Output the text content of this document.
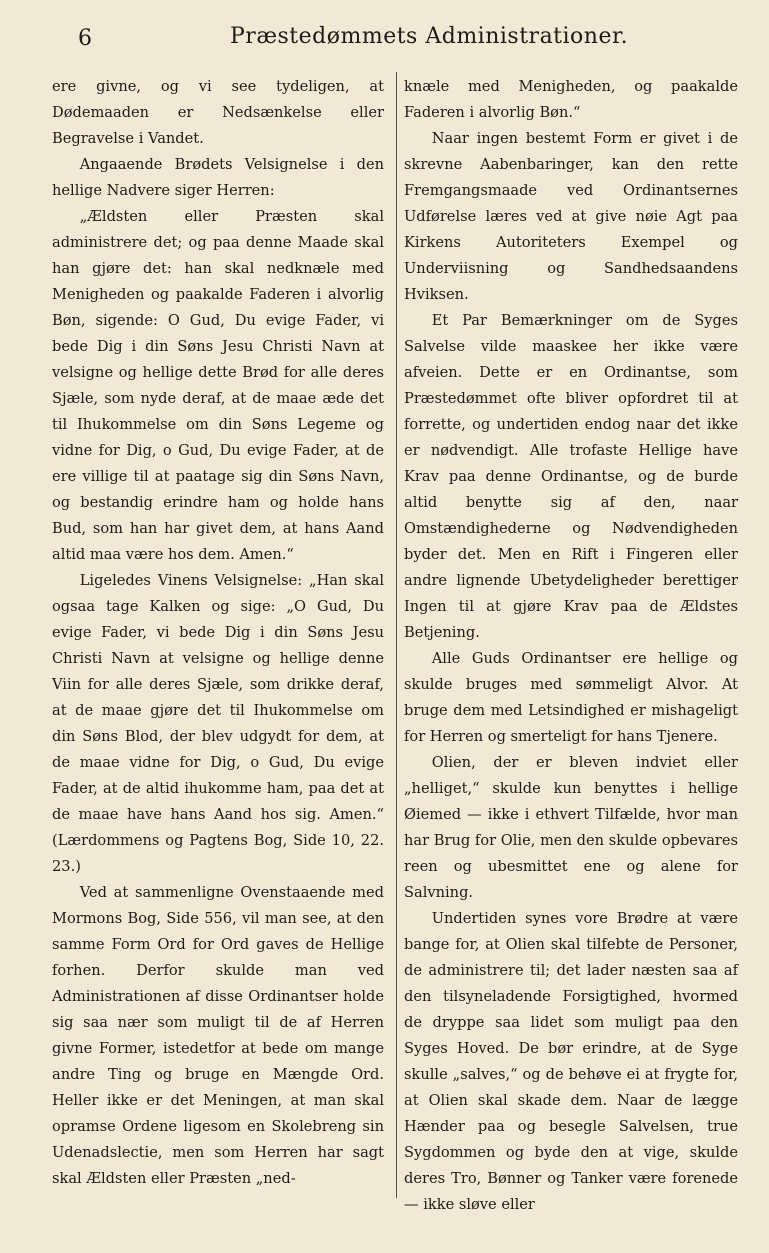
6	Præstedømmets Administrationer.

ere givne, og vi see tydeligen, at Dødemaaden er Nedsænkelse eller Begravelse i Vandet.

Angaaende Brødets Velsignelse i den hellige Nadvere siger Herren:

„Ældsten eller Præsten skal administrere det; og paa denne Maade skal han gjøre det: han skal nedknæle med Menigheden og paakalde Faderen i alvorlig Bøn, sigende: O Gud, Du evige Fader, vi bede Dig i din Søns Jesu Christi Navn at velsigne og hellige dette Brød for alle deres Sjæle, som nyde deraf, at de maae æde det til Ihukommelse om din Søns Legeme og vidne for Dig, o Gud, Du evige Fader, at de ere villige til at paatage sig din Søns Navn, og bestandig erindre ham og holde hans Bud, som han har givet dem, at hans Aand altid maa være hos dem. Amen.“

Ligeledes Vinens Velsignelse: „Han skal ogsaa tage Kalken og sige: „O Gud, Du evige Fader, vi bede Dig i din Søns Jesu Christi Navn at velsigne og hellige denne Viin for alle deres Sjæle, som drikke deraf, at de maae gjøre det til Ihukommelse om din Søns Blod, der blev udgydt for dem, at de maae vidne for Dig, o Gud, Du evige Fader, at de altid ihukomme ham, paa det at de maae have hans Aand hos sig. Amen.“ (Lærdommens og Pagtens Bog, Side 10, 22. 23.)

Ved at sammenligne Ovenstaaende med Mormons Bog, Side 556, vil man see, at den samme Form Ord for Ord gaves de Hellige forhen. Derfor skulde man ved Administrationen af disse Ordinantser holde sig saa nær som muligt til de af Herren givne Former, istedetfor at bede om mange andre Ting og bruge en Mængde Ord. Heller ikke er det Meningen, at man skal opramse Ordene ligesom en Skolebreng sin Udenadslectie, men som Herren har sagt skal Ældsten eller Præsten „ned-

knæle med Menigheden, og paakalde Faderen i alvorlig Bøn.“

Naar ingen bestemt Form er givet i de skrevne Aabenbaringer, kan den rette Fremgangsmaade ved Ordinantsernes Udførelse læres ved at give nøie Agt paa Kirkens Autoriteters Exempel og Underviisning og Sandhedsaandens Hviksen.

Et Par Bemærkninger om de Syges Salvelse vilde maaskee her ikke være afveien. Dette er en Ordinantse, som Præstedømmet ofte bliver opfordret til at forrette, og undertiden endog naar det ikke er nødvendigt. Alle trofaste Hellige have Krav paa denne Ordinantse, og de burde altid benytte sig af den, naar Omstændighederne og Nødvendigheden byder det. Men en Rift i Fingeren eller andre lignende Ubetydeligheder berettiger Ingen til at gjøre Krav paa de Ældstes Betjening.

Alle Guds Ordinantser ere hellige og skulde bruges med sømmeligt Alvor. At bruge dem med Letsindighed er mishageligt for Herren og smerteligt for hans Tjenere.

Olien, der er bleven indviet eller „helliget,“ skulde kun benyttes i hellige Øiemed — ikke i ethvert Tilfælde, hvor man har Brug for Olie, men den skulde opbevares reen og ubesmittet ene og alene for Salvning.

Undertiden synes vore Brødre at være bange for, at Olien skal tilfebte de Personer, de administrere til; det lader næsten saa af den tilsyneladende Forsigtighed, hvormed de dryppe saa lidet som muligt paa den Syges Hoved. De bør erindre, at de Syge skulle „salves,“ og de behøve ei at frygte for, at Olien skal skade dem. Naar de lægge Hænder paa og besegle Salvelsen, true Sygdommen og byde den at vige, skulde deres Tro, Bønner og Tanker være forenede — ikke sløve eller
